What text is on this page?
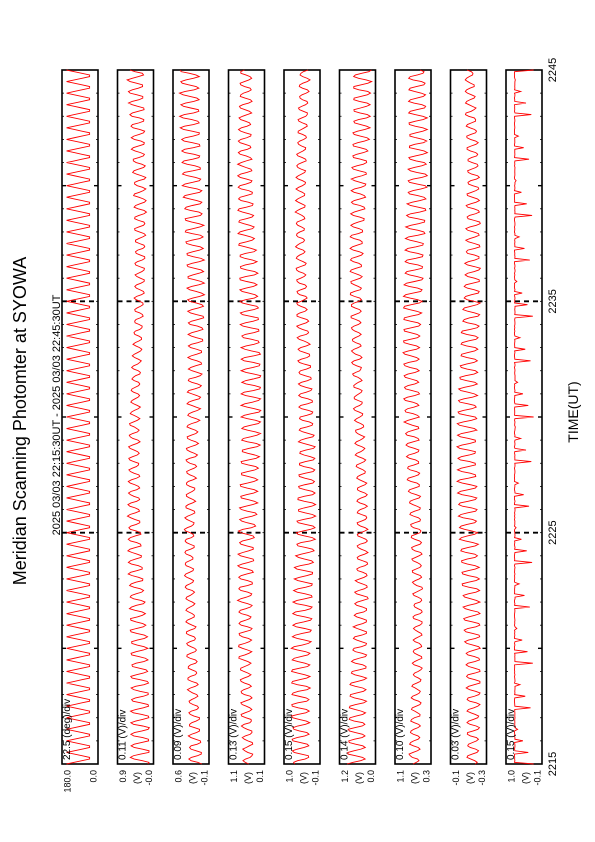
Meridian Scanning Photomter at SYOWA 2025 03/03 22:15:30UT - 2025 03/03 22:45:30UT	TIME(UT)
22.5 (deg)/div
180.0 0.0
0.11 (V)/div
0.9 (V) -0.0
0.09 (V)/div
0.6 (V) -0.1
0.13 (V)/div
1.1 (V) 0.1
0.15 (V)/div
1.0 (V) -0.1
0.14 (V)/div
1.2 (V) 0.0
0.10 (V)/div
1.1 (V) 0.3
0.03 (V)/div
-0.1 (V) -0.3
0.15 (V)/div
1.0 (V) -0.1
2215
2225
2235
2245
